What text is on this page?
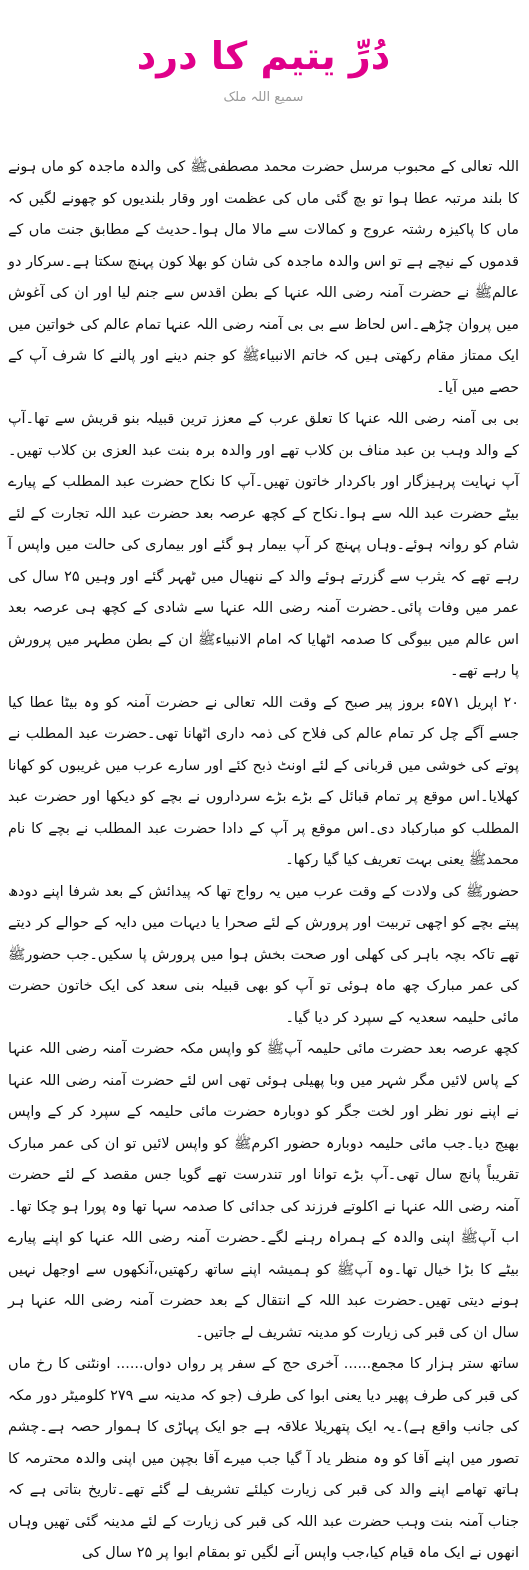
دُرِّ یتیم کا درد
سمیع اللہ ملک

اللہ تعالی کے محبوب مرسل حضرت محمد مصطفیﷺ کی والدہ ماجدہ کو ماں ہونے کا بلند مرتبہ عطا ہوا تو بچ گئی ماں کی عظمت اور وقار بلندیوں کو چھونے لگیں کہ ماں کا پاکیزہ رشتہ عروج و کمالات سے مالا مال ہوا۔حدیث کے مطابق جنت ماں کے قدموں کے نیچے ہے تو اس والدہ ماجدہ کی شان کو بھلا کون پہنچ سکتا ہے۔سرکار دو عالمﷺ نے حضرت آمنہ رضی اللہ عنہا کے بطن اقدس سے جنم لیا اور ان کی آغوش میں پروان چڑھے۔اس لحاظ سے بی بی آمنہ رضی اللہ عنہا تمام عالم کی خواتین میں ایک ممتاز مقام رکھتی ہیں کہ خاتم الانبیاءﷺ کو جنم دینے اور پالنے کا شرف آپ کے حصے میں آیا۔

بی بی آمنہ رضی اللہ عنہا کا تعلق عرب کے معزز ترین قبیلہ بنو قریش سے تھا۔آپ کے والد وہب بن عبد مناف بن کلاب تھے اور والدہ برہ بنت عبد العزی بن کلاب تھیں۔آپ نہایت پرہیزگار اور باکردار خاتون تھیں۔آپ کا نکاح حضرت عبد المطلب کے پیارے بیٹے حضرت عبد اللہ سے ہوا۔نکاح کے کچھ عرصہ بعد حضرت عبد اللہ تجارت کے لئے شام کو روانہ ہوئے۔وہاں پہنچ کر آپ بیمار ہو گئے اور بیماری کی حالت میں واپس آ رہے تھے کہ یثرب سے گزرتے ہوئے والد کے ننھیال میں ٹھہر گئے اور وہیں ۲۵ سال کی عمر میں وفات پائی۔حضرت آمنہ رضی اللہ عنہا سے شادی کے کچھ ہی عرصہ بعد اس عالم میں بیوگی کا صدمہ اٹھایا کہ امام الانبیاءﷺ ان کے بطن مطہر میں پرورش پا رہے تھے۔

۲۰ اپریل ۵۷۱ء بروز پیر صبح کے وقت اللہ تعالی نے حضرت آمنہ کو وہ بیٹا عطا کیا جسے آگے چل کر تمام عالم کی فلاح کی ذمہ داری اٹھانا تھی۔حضرت عبد المطلب نے پوتے کی خوشی میں قربانی کے لئے اونٹ ذبح کئے اور سارے عرب میں غریبوں کو کھانا کھلایا۔اس موقع پر تمام قبائل کے بڑے بڑے سرداروں نے بچے کو دیکھا اور حضرت عبد المطلب کو مبارکباد دی۔اس موقع پر آپ کے دادا حضرت عبد المطلب نے بچے کا نام محمدﷺ یعنی بہت تعریف کیا گیا رکھا۔

حضورﷺ کی ولادت کے وقت عرب میں یہ رواج تھا کہ پیدائش کے بعد شرفا اپنے دودھ پیتے بچے کو اچھی تربیت اور پرورش کے لئے صحرا یا دیہات میں دایہ کے حوالے کر دیتے تھے تاکہ بچہ باہر کی کھلی اور صحت بخش ہوا میں پرورش پا سکیں۔جب حضورﷺ کی عمر مبارک چھ ماہ ہوئی تو آپ کو بھی قبیلہ بنی سعد کی ایک خاتون حضرت مائی حلیمہ سعدیہ کے سپرد کر دیا گیا۔

کچھ عرصہ بعد حضرت مائی حلیمہ آپﷺ کو واپس مکہ حضرت آمنہ رضی اللہ عنہا کے پاس لائیں مگر شہر میں وبا پھیلی ہوئی تھی اس لئے حضرت آمنہ رضی اللہ عنہا نے اپنے نور نظر اور لخت جگر کو دوبارہ حضرت مائی حلیمہ کے سپرد کر کے واپس بھیج دیا۔جب مائی حلیمہ دوبارہ حضور اکرمﷺ کو واپس لائیں تو ان کی عمر مبارک تقریباً پانچ سال تھی۔آپ بڑے توانا اور تندرست تھے گویا جس مقصد کے لئے حضرت آمنہ رضی اللہ عنہا نے اکلوتے فرزند کی جدائی کا صدمہ سہا تھا وہ پورا ہو چکا تھا۔اب آپﷺ اپنی والدہ کے ہمراہ رہنے لگے۔حضرت آمنہ رضی اللہ عنہا کو اپنے پیارے بیٹے کا بڑا خیال تھا۔وہ آپﷺ کو ہمیشہ اپنے ساتھ رکھتیں،آنکھوں سے اوجھل نہیں ہونے دیتی تھیں۔حضرت عبد اللہ کے انتقال کے بعد حضرت آمنہ رضی اللہ عنہا ہر سال ان کی قبر کی زیارت کو مدینہ تشریف لے جاتیں۔

ساتھ ستر ہزار کا مجمع...... آخری حج کے سفر پر رواں دواں...... اونٹنی کا رخ ماں کی قبر کی طرف پھیر دیا یعنی ابوا کی طرف (جو کہ مدینہ سے ۲۷۹ کلومیٹر دور مکہ کی جانب واقع ہے)۔یہ ایک پتھریلا علاقہ ہے جو ایک پہاڑی کا ہموار حصہ ہے۔چشم تصور میں اپنے آقا کو وہ منظر یاد آ گیا جب میرے آقا بچپن میں اپنی والدہ محترمہ کا ہاتھ تھامے اپنے والد کی قبر کی زیارت کیلئے تشریف لے گئے تھے۔تاریخ بتاتی ہے کہ جناب آمنہ بنت وہب حضرت عبد اللہ کی قبر کی زیارت کے لئے مدینہ گئی تھیں وہاں انھوں نے ایک ماہ قیام کیا،جب واپس آنے لگیں تو بمقام ابوا پر ۲۵ سال کی
